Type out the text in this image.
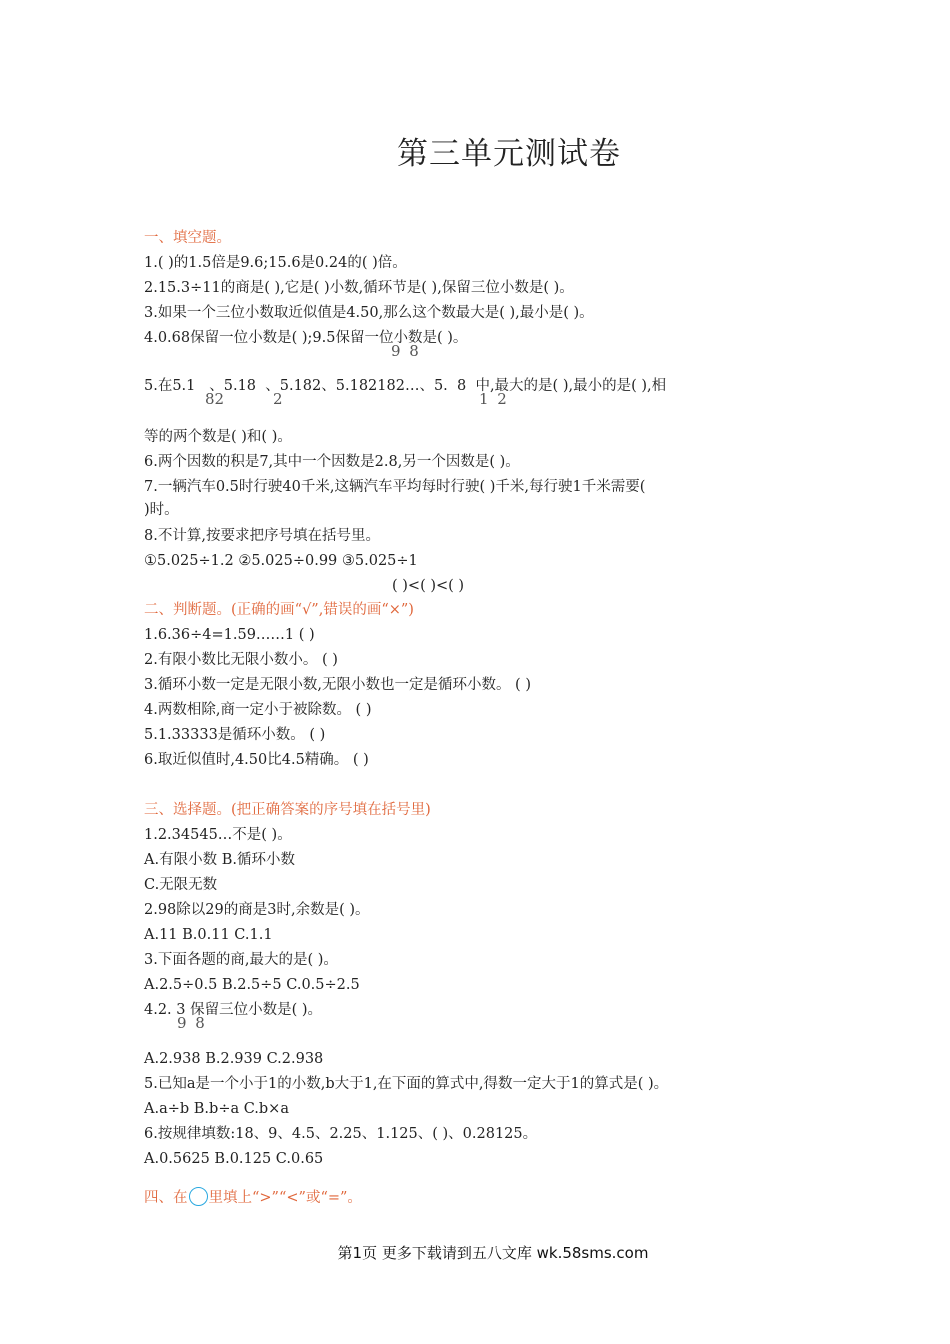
第三单元测试卷
一、填空题。
1.( )的1.5倍是9.6;15.6是0.24的( )倍。
2.15.3÷11的商是( ),它是( )小数,循环节是( ),保留三位小数是( )。
3.如果一个三位小数取近似值是4.50,那么这个数最大是( ),最小是( )。
4.0.68保留一位小数是( );9.5保留一位小数是( )。
9 8
5.在5.1 、5.18 、5.182、5.182182…、5. 8 中,最大的是( ),最小的是( ),相
82	2	1 2
等的两个数是( )和( )。
6.两个因数的积是7,其中一个因数是2.8,另一个因数是( )。
7.一辆汽车0.5时行驶40千米,这辆汽车平均每时行驶( )千米,每行驶1千米需要(
)时。
8.不计算,按要求把序号填在括号里。
①5.025÷1.2 ②5.025÷0.99 ③5.025÷1
( )<( )<( )
二、判断题。(正确的画“√”,错误的画“×”)
1.6.36÷4=1.59……1 ( )
2.有限小数比无限小数小。 ( )
3.循环小数一定是无限小数,无限小数也一定是循环小数。 ( )
4.两数相除,商一定小于被除数。 ( )
5.1.33333是循环小数。 ( )
6.取近似值时,4.50比4.5精确。 ( )
三、选择题。(把正确答案的序号填在括号里)
1.2.34545…不是( )。
A.有限小数 B.循环小数
C.无限无数
2.98除以29的商是3时,余数是( )。
A.11 B.0.11 C.1.1
3.下面各题的商,最大的是( )。
A.2.5÷0.5 B.2.5÷5 C.0.5÷2.5
4.2. 3 保留三位小数是( )。
9 8
A.2.938 B.2.939 C.2.938
5.已知a是一个小于1的小数,b大于1,在下面的算式中,得数一定大于1的算式是( )。
A.a÷b B.b÷a C.b×a
6.按规律填数:18、9、4.5、2.25、1.125、( )、0.28125。
A.0.5625 B.0.125 C.0.65
四、在 里填上“>”“<”或“=”。
第1页 更多下载请到五八文库 wk.58sms.com
